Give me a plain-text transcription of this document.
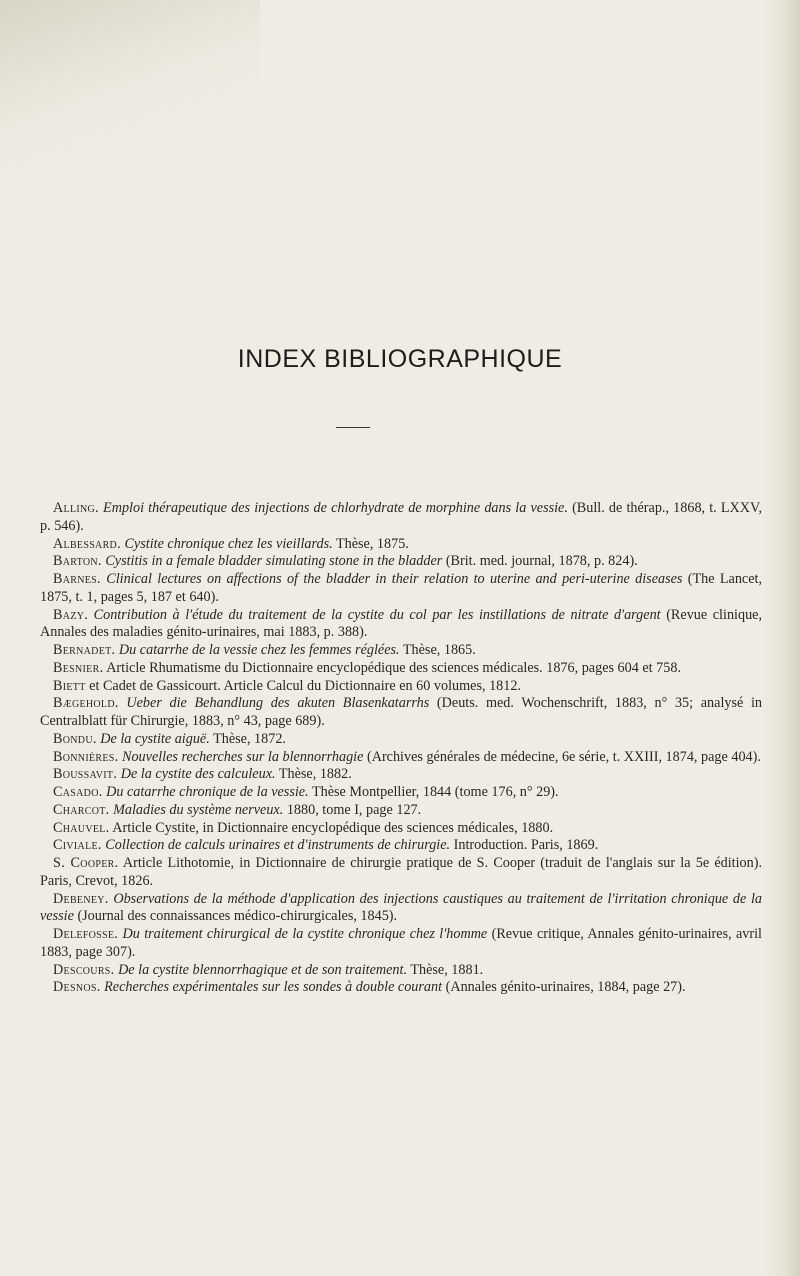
INDEX BIBLIOGRAPHIQUE

Alling. Emploi thérapeutique des injections de chlorhydrate de morphine dans la vessie. (Bull. de thérap., 1868, t. LXXV, p. 546).

Albessard. Cystite chronique chez les vieillards. Thèse, 1875.

Barton. Cystitis in a female bladder simulating stone in the bladder (Brit. med. journal, 1878, p. 824).

Barnes. Clinical lectures on affections of the bladder in their relation to uterine and peri-uterine diseases (The Lancet, 1875, t. 1, pages 5, 187 et 640).

Bazy. Contribution à l'étude du traitement de la cystite du col par les instillations de nitrate d'argent (Revue clinique, Annales des maladies génito-urinaires, mai 1883, p. 388).

Bernadet. Du catarrhe de la vessie chez les femmes réglées. Thèse, 1865.

Besnier. Article Rhumatisme du Dictionnaire encyclopédique des sciences médicales. 1876, pages 604 et 758.

Biett et Cadet de Gassicourt. Article Calcul du Dictionnaire en 60 volumes, 1812.

Bægehold. Ueber die Behandlung des akuten Blasenkatarrhs (Deuts. med. Wochenschrift, 1883, n° 35; analysé in Centralblatt für Chirurgie, 1883, n° 43, page 689).

Bondu. De la cystite aiguë. Thèse, 1872.

Bonnières. Nouvelles recherches sur la blennorrhagie (Archives générales de médecine, 6e série, t. XXIII, 1874, page 404).

Boussavit. De la cystite des calculeux. Thèse, 1882.

Casado. Du catarrhe chronique de la vessie. Thèse Montpellier, 1844 (tome 176, n° 29).

Charcot. Maladies du système nerveux. 1880, tome I, page 127.

Chauvel. Article Cystite, in Dictionnaire encyclopédique des sciences médicales, 1880.

Civiale. Collection de calculs urinaires et d'instruments de chirurgie. Introduction. Paris, 1869.

S. Cooper. Article Lithotomie, in Dictionnaire de chirurgie pratique de S. Cooper (traduit de l'anglais sur la 5e édition). Paris, Crevot, 1826.

Debeney. Observations de la méthode d'application des injections caustiques au traitement de l'irritation chronique de la vessie (Journal des connaissances médico-chirurgicales, 1845).

Delefosse. Du traitement chirurgical de la cystite chronique chez l'homme (Revue critique, Annales génito-urinaires, avril 1883, page 307).

Descours. De la cystite blennorrhagique et de son traitement. Thèse, 1881.

Desnos. Recherches expérimentales sur les sondes à double courant (Annales génito-urinaires, 1884, page 27).
